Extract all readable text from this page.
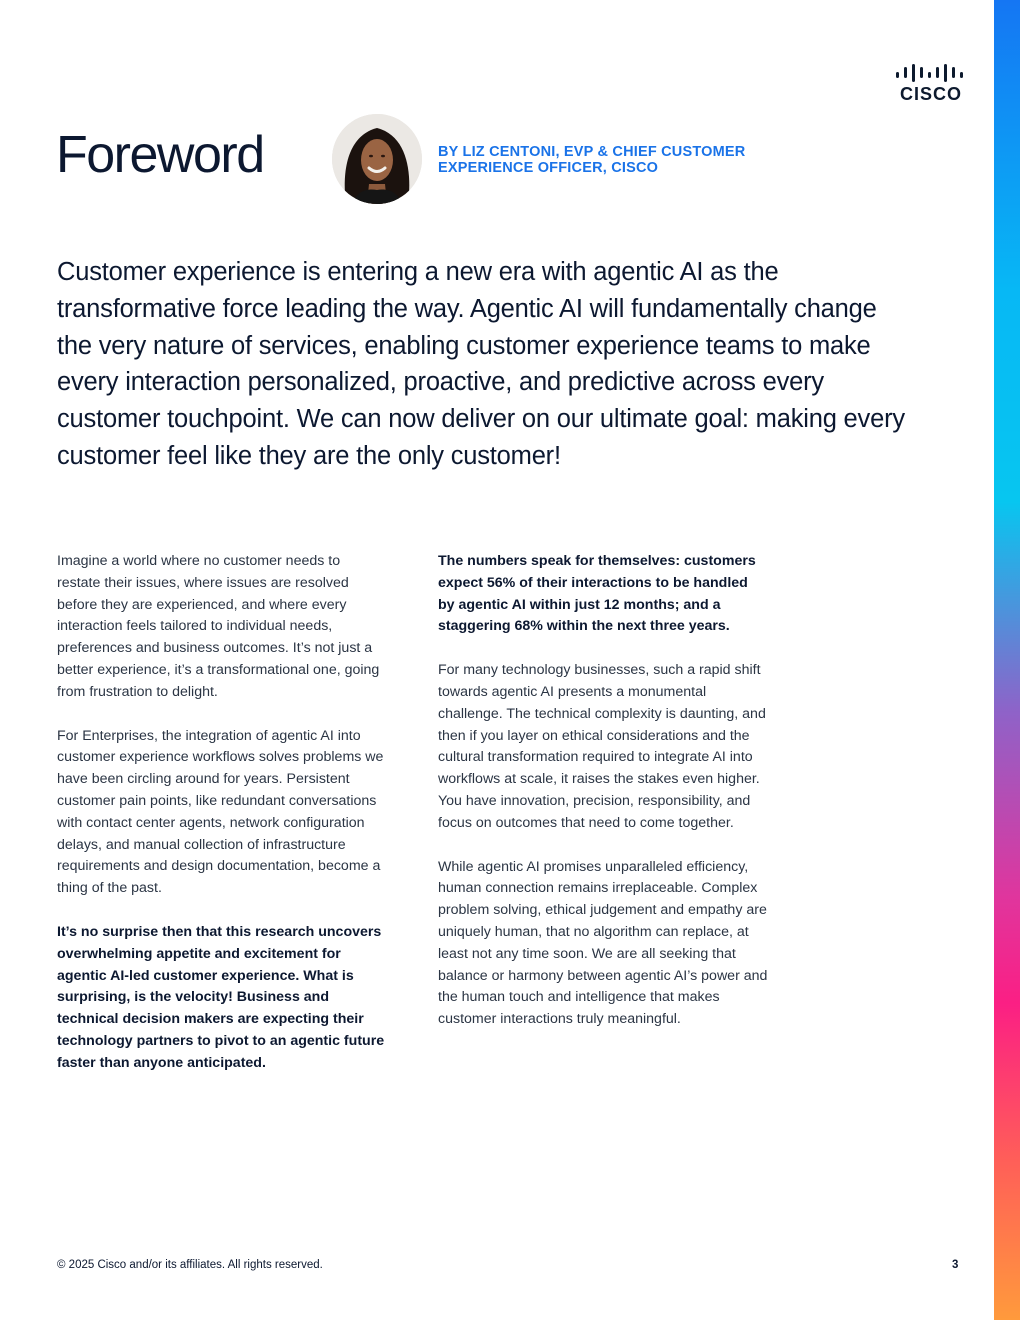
CISCO
Foreword	BY LIZ CENTONI, EVP & CHIEF CUSTOMER
EXPERIENCE OFFICER, CISCO

Customer experience is entering a new era with agentic AI as the transformative force leading the way. Agentic AI will fundamentally change the very nature of services, enabling customer experience teams to make every interaction personalized, proactive, and predictive across every customer touchpoint. We can now deliver on our ultimate goal: making every customer feel like they are the only customer!

Imagine a world where no customer needs to restate their issues, where issues are resolved before they are experienced, and where every interaction feels tailored to individual needs, preferences and business outcomes. It’s not just a better experience, it’s a transformational one, going from frustration to delight.

For Enterprises, the integration of agentic AI into customer experience workflows solves problems we have been circling around for years. Persistent customer pain points, like redundant conversations with contact center agents, network configuration delays, and manual collection of infrastructure requirements and design documentation, become a thing of the past.

It’s no surprise then that this research uncovers overwhelming appetite and excitement for agentic AI-led customer experience. What is surprising, is the velocity! Business and technical decision makers are expecting their technology partners to pivot to an agentic future faster than anyone anticipated.

The numbers speak for themselves: customers expect 56% of their interactions to be handled by agentic AI within just 12 months; and a staggering 68% within the next three years.

For many technology businesses, such a rapid shift towards agentic AI presents a monumental challenge. The technical complexity is daunting, and then if you layer on ethical considerations and the cultural transformation required to integrate AI into workflows at scale, it raises the stakes even higher. You have innovation, precision, responsibility, and focus on outcomes that need to come together.

While agentic AI promises unparalleled efficiency, human connection remains irreplaceable. Complex problem solving, ethical judgement and empathy are uniquely human, that no algorithm can replace, at least not any time soon. We are all seeking that balance or harmony between agentic AI’s power and the human touch and intelligence that makes customer interactions truly meaningful.

© 2025 Cisco and/or its affiliates. All rights reserved.	3
